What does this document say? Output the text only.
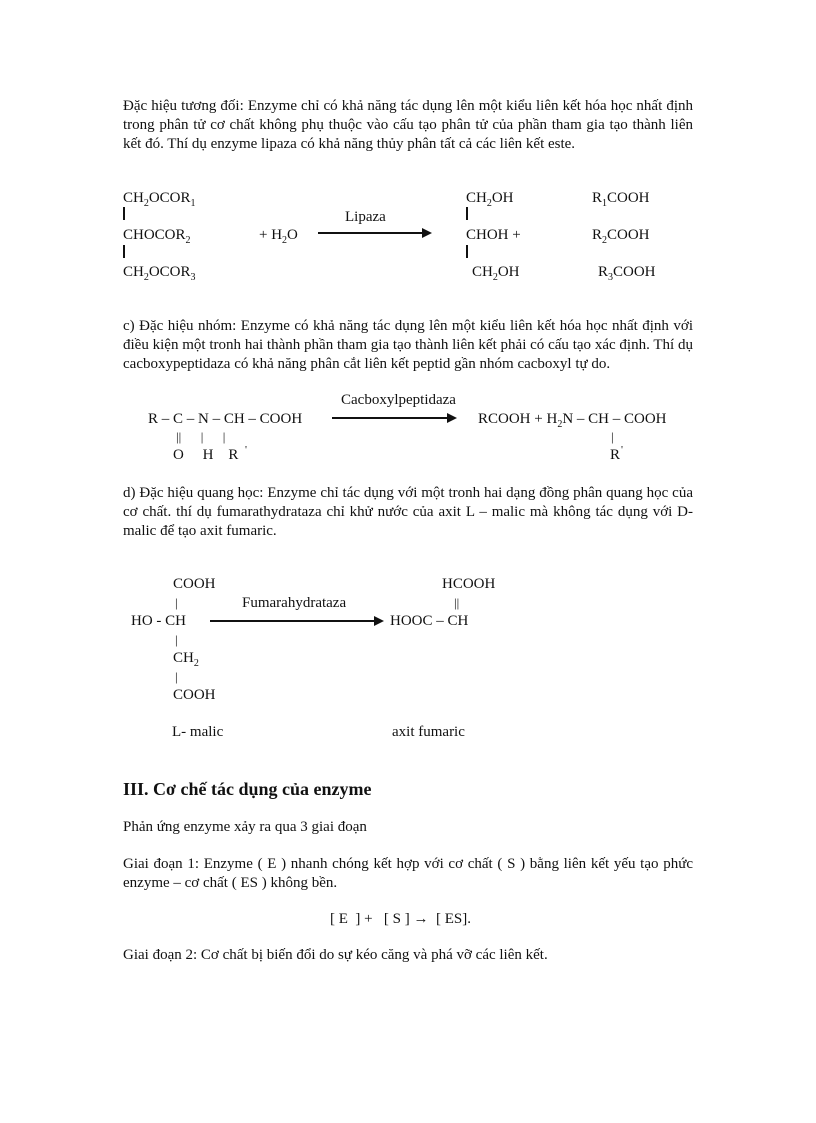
Đặc hiệu tương đối: Enzyme chỉ có khả năng tác dụng lên một kiểu liên kết hóa học nhất định trong phân tử cơ chất không phụ thuộc vào cấu tạo phân tử của phần tham gia tạo thành liên kết đó. Thí dụ enzyme lipaza có khả năng thủy phân tất cả các liên kết este.
$CH_2OCOR_1$
$CHOCOR_2$
$CH_2OCOR_3$
+ $H_2O$
Lipaza
$CH_2OH$
CHOH +
$CH_2OH$
$R_1COOH$
$R_2COOH$
$R_3COOH$
c) Đặc hiệu nhóm: Enzyme có khả năng tác dụng lên một kiểu liên kết hóa học nhất định với điều kiện một tronh hai thành phần tham gia tạo thành liên kết phải có cấu tạo xác định. Thí dụ cacboxypeptidaza có khả năng phân cắt liên kết peptid gần nhóm cacboxyl tự do.
Cacboxylpeptidaza
R – C – N – CH – COOH	RCOOH + $H_2N$ – CH – COOH
||      |      |
O     H    R '
|
R '
d) Đặc hiệu quang học: Enzyme chỉ tác dụng với một tronh hai dạng đồng phân quang học của cơ chất. thí dụ fumarathydrataza chỉ khử nước của axit L – malic mà không tác dụng với D- malic để tạo axit fumaric.
COOH
|
HO - CH
|
$CH_2$
|
COOH
Fumarahydrataza
HCOOH
||
HOOC – CH
L- malic	axit fumaric
III. Cơ chế tác dụng của enzyme
Phản ứng enzyme xảy ra qua 3 giai đoạn
Giai đoạn 1: Enzyme ( E ) nhanh chóng kết hợp với cơ chất ( S ) bằng liên kết yếu tạo phức enzyme – cơ chất ( ES ) không bền.
[ E  ] +   [ S ] →  [ ES].
Giai đoạn 2: Cơ chất bị biến đổi do sự kéo căng và phá vỡ các liên kết.
